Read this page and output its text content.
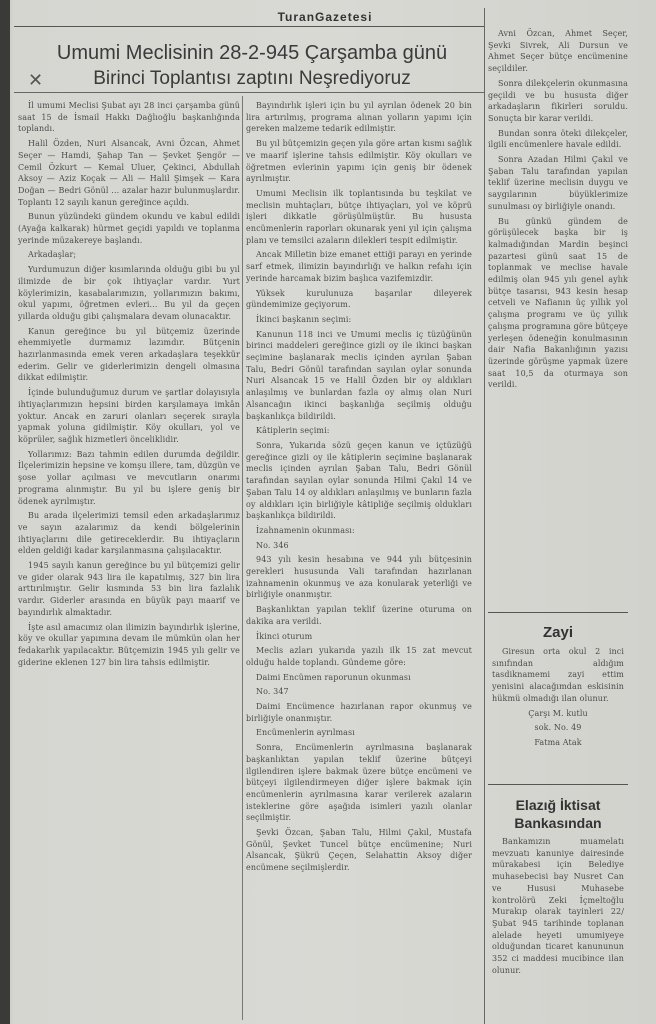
TuranGazetesi
Umumi Meclisinin 28-2-945 Çarşamba günü
Birinci Toplantısı zaptını Neşrediyoruz
✕

İl umumi Meclisi Şubat ayı 28 inci çarşamba günü saat 15 de İsmail Hakkı Dağlıoğlu başkanlığında toplandı.

Halil Özden, Nuri Alsancak, Avni Özcan, Ahmet Seçer — Hamdi, Şahap Tan — Şevket Şengör — Cemil Özkurt — Kemal Uluer, Çekinci, Abdullah Aksoy — Aziz Koçak — Ali — Halil Şimşek — Kara Doğan — Bedri Gönül ... azalar hazır bulunmuşlardır. Toplantı 12 sayılı kanun gereğince açıldı.

Bunun yüzündeki gündem okundu ve kabul edildi (Ayağa kalkarak) hürmet geçidi yapıldı ve toplanma yerinde müzakereye başlandı.

Arkadaşlar;

Yurdumuzun diğer kısımlarında olduğu gibi bu yıl ilimizde de bir çok ihtiyaçlar vardır. Yurt köylerimizin, kasabalarımızın, yollarımızın bakımı, okul yapımı, öğretmen evleri... Bu yıl da geçen yıllarda olduğu gibi çalışmalara devam olunacaktır.

Kanun gereğince bu yıl bütçemiz üzerinde ehemmiyetle durmamız lazımdır. Bütçenin hazırlanmasında emek veren arkadaşlara teşekkür ederim. Gelir ve giderlerimizin dengeli olmasına dikkat edilmiştir.

İçinde bulunduğumuz durum ve şartlar dolayısıyla ihtiyaçlarımızın hepsini birden karşılamaya imkân yoktur. Ancak en zaruri olanları seçerek sırayla yapmak yoluna gidilmiştir. Köy okulları, yol ve köprüler, sağlık hizmetleri önceliklidir.

Yollarımız: Bazı tahmin edilen durumda değildir. İlçelerimizin hepsine ve komşu illere, tam, düzgün ve şose yollar açılması ve mevcutların onarımı programa alınmıştır. Bu yıl bu işlere geniş bir ödenek ayrılmıştır.

Bu arada ilçelerimizi temsil eden arkadaşlarımız ve sayın azalarımız da kendi bölgelerinin ihtiyaçlarını dile getireceklerdir. Bu ihtiyaçların elden geldiği kadar karşılanmasına çalışılacaktır.

1945 sayılı kanun gereğince bu yıl bütçemizi gelir ve gider olarak 943 lira ile kapatılmış, 327 bin lira arttırılmıştır. Gelir kısmında 53 bin lira fazlalık vardır. Giderler arasında en büyük payı maarif ve bayındırlık almaktadır.

İşte asıl amacımız olan ilimizin bayındırlık işlerine, köy ve okullar yapımına devam ile mümkün olan her fedakarlık yapılacaktır. Bütçemizin 1945 yılı gelir ve giderine eklenen 127 bin lira tahsis edilmiştir.

Bayındırlık işleri için bu yıl ayrılan ödenek 20 bin lira artırılmış, programa alınan yolların yapımı için gereken malzeme tedarik edilmiştir.

Bu yıl bütçemizin geçen yıla göre artan kısmı sağlık ve maarif işlerine tahsis edilmiştir. Köy okulları ve öğretmen evlerinin yapımı için geniş bir ödenek ayrılmıştır.

Umumi Meclisin ilk toplantısında bu teşkilat ve meclisin muhtaçları, bütçe ihtiyaçları, yol ve köprü işleri dikkatle görüşülmüştür. Bu hususta encümenlerin raporları okunarak yeni yıl için çalışma planı ve temsilci azaların dilekleri tespit edilmiştir.

Ancak Milletin bize emanet ettiği parayı en yerinde sarf etmek, ilimizin bayındırlığı ve halkın refahı için yerinde harcamak bizim başlıca vazifemizdir.

Yüksek kurulunuza başarılar dileyerek gündemimize geçiyorum.

İkinci başkanın seçimi:

Kanunun 118 inci ve Umumi meclis iç tüzüğünün birinci maddeleri gereğince gizli oy ile ikinci başkan seçimine başlanarak meclis içinden ayrılan Şaban Talu, Bedri Gönül tarafından sayılan oylar sonunda Nuri Alsancak 15 ve Halil Özden bir oy aldıkları anlaşılmış ve bunlardan fazla oy almış olan Nuri Alsancağın ikinci başkanlığa seçilmiş olduğu başkanlıkça bildirildi.

Kâtiplerin seçimi:

Sonra, Yukarıda sözü geçen kanun ve içtüzüğü gereğince gizli oy ile kâtiplerin seçimine başlanarak meclis içinden ayrılan Şaban Talu, Bedri Gönül tarafından sayılan oylar sonunda Hilmi Çakıl 14 ve Şaban Talu 14 oy aldıkları anlaşılmış ve bunların fazla oy aldıkları için birliğiyle kâtipliğe seçilmiş oldukları başkanlıkça bildirildi.

İzahnamenin okunması:

No. 346

943 yılı kesin hesabına ve 944 yılı bütçesinin gerekleri hususunda Vali tarafından hazırlanan izahnamenin okunmuş ve aza konularak yeterliği ve birliğiyle onanmıştır.

Başkanlıktan yapılan teklif üzerine oturuma on dakika ara verildi.

İkinci oturum

Meclis azları yukarıda yazılı ilk 15 zat mevcut olduğu halde toplandı. Gündeme göre:

Daimi Encümen raporunun okunması

No. 347

Daimi Encümence hazırlanan rapor okunmuş ve birliğiyle onanmıştır.

Encümenlerin ayrılması

Sonra, Encümenlerin ayrılmasına başlanarak başkanlıktan yapılan teklif üzerine bütçeyi ilgilendiren işlere bakmak üzere bütçe encümeni ve bütçeyi ilgilendirmeyen diğer işlere bakmak için encümenlerin ayrılmasına karar verilerek azaların isteklerine göre aşağıda isimleri yazılı olanlar seçilmiştir.

Şevki Özcan, Şaban Talu, Hilmi Çakıl, Mustafa Gönül, Şevket Tuncel bütçe encümenine; Nuri Alsancak, Şükrü Çeçen, Selahattin Aksoy diğer encümene seçilmişlerdir.

Avni Özcan, Ahmet Seçer, Şevki Sivrek, Ali Dursun ve Ahmet Seçer bütçe encümenine seçildiler.

Sonra dilekçelerin okunmasına geçildi ve bu hususta diğer arkadaşların fikirleri soruldu. Sonuçta bir karar verildi.

Bundan sonra öteki dilekçeler, ilgili encümenlere havale edildi.

Sonra Azadan Hilmi Çakıl ve Şaban Talu tarafından yapılan teklif üzerine meclisin duygu ve saygılarının büyüklerimize sunulması oy birliğiyle onandı.

Bu günkü gündem de görüşülecek başka bir iş kalmadığından Mardin beşinci pazartesi günü saat 15 de toplanmak ve meclise havale edilmiş olan 945 yılı genel aylık bütçe tasarısı, 943 kesin hesap cetveli ve Nafianın üç yıllık yol çalışma programı ve üç yıllık çalışma programına göre bütçeye yerleşen ödeneğin konulmasının dair Nafia Bakanlığının yazısı üzerinde görüşme yapmak üzere saat 10,5 da oturmaya son verildi.

Zayi

Giresun orta okul 2 inci sınıfından aldığım tasdiknamemi zayi ettim yenisini alacağımdan eskisinin hükmü olmadığı ilan olunur.

Çarşı M. kutlu

sok. No. 49

Fatma Atak

Elazığ İktisat Bankasından

Bankamızın muamelatı mevzuatı kanuniye dairesinde mürakabesi için Belediye muhasebecisi bay Nusret Can ve Hususi Muhasebe kontrolörü Zeki İçmeltoğlu Murakıp olarak tayinleri 22/Şubat 945 tarihinde toplanan alelade heyeti umumiyeye olduğundan ticaret kanununun 352 ci maddesi mucibince ilan olunur.
